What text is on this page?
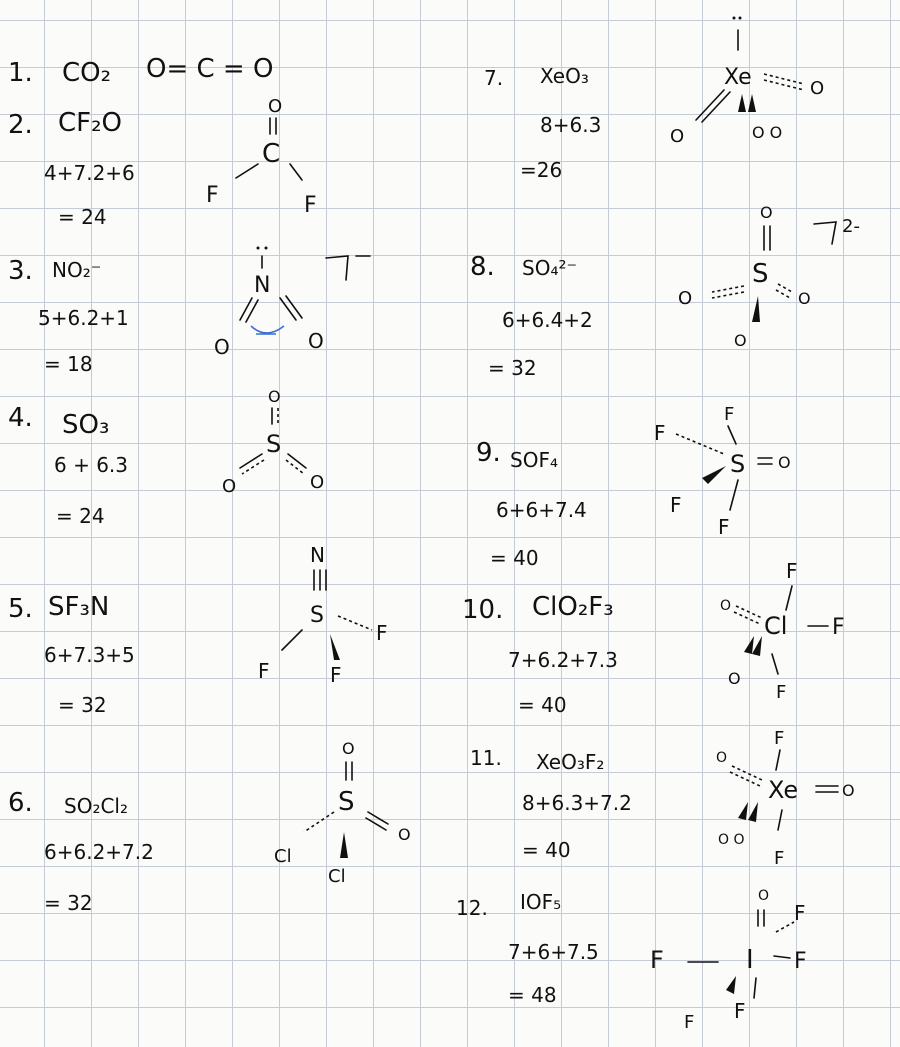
1. CO₂ O= C = O
2. CF₂O
4+7.2+6
= 24
O
C
F	F
3. NO₂⁻
5+6.2+1
= 18
N
O	O
4. SO₃
6 + 6.3
= 24
O
S
O	O
5. SF₃N
6+7.3+5
= 32
N
S
F
F	F
6. SO₂Cl₂
6+6.2+7.2
= 32
O
S
O
Cl
Cl
7. XeO₃
8+6.3
=26
Xe	O
O	O O
8. SO₄²⁻
6+6.4+2
= 32
O
S
O	O
O
2-
9. SOF₄
6+6+7.4
= 40
F
F
S O
F
F
10. ClO₂F₃
7+6.2+7.3
= 40
F
O
Cl F
O
F
11. XeO₃F₂
8+6.3+7.2
= 40
F
O
Xe	O
O O
F
12. IOF₅
7+6+7.5
= 48
O
F
F	I F
F F
